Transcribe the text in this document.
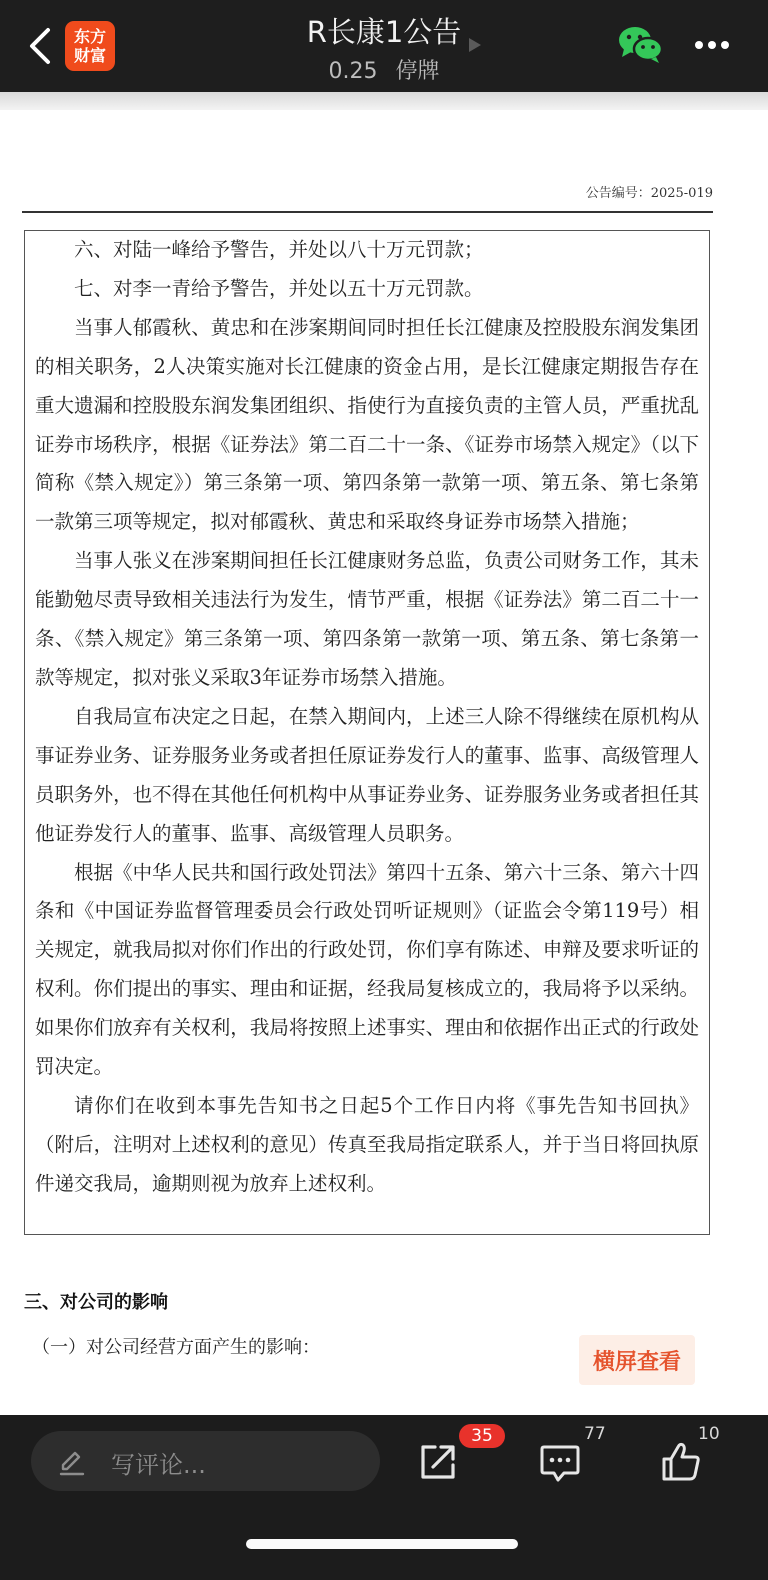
东方
财富
R长康1公告
0.25 停牌
公告编号：2025-019

六、对陆一峰给予警告，并处以八十万元罚款；

七、对李一青给予警告，并处以五十万元罚款。

当事人郁霞秋、黄忠和在涉案期间同时担任长江健康及控股股东润发集团的相关职务，2人决策实施对长江健康的资金占用，是长江健康定期报告存在重大遗漏和控股股东润发集团组织、指使行为直接负责的主管人员，严重扰乱证券市场秩序，根据《证券法》第二百二十一条、《证券市场禁入规定》（以下简称《禁入规定》）第三条第一项、第四条第一款第一项、第五条、第七条第一款第三项等规定，拟对郁霞秋、黄忠和采取终身证券市场禁入措施；

当事人张义在涉案期间担任长江健康财务总监，负责公司财务工作，其未能勤勉尽责导致相关违法行为发生，情节严重，根据《证券法》第二百二十一条、《禁入规定》第三条第一项、第四条第一款第一项、第五条、第七条第一款等规定，拟对张义采取3年证券市场禁入措施。

自我局宣布决定之日起，在禁入期间内，上述三人除不得继续在原机构从事证券业务、证券服务业务或者担任原证券发行人的董事、监事、高级管理人员职务外，也不得在其他任何机构中从事证券业务、证券服务业务或者担任其他证券发行人的董事、监事、高级管理人员职务。

根据《中华人民共和国行政处罚法》第四十五条、第六十三条、第六十四条和《中国证券监督管理委员会行政处罚听证规则》（证监会令第119号）相关规定，就我局拟对你们作出的行政处罚，你们享有陈述、申辩及要求听证的权利。你们提出的事实、理由和证据，经我局复核成立的，我局将予以采纳。如果你们放弃有关权利，我局将按照上述事实、理由和依据作出正式的行政处罚决定。

请你们在收到本事先告知书之日起5个工作日内将《事先告知书回执》（附后，注明对上述权利的意见）传真至我局指定联系人，并于当日将回执原件递交我局，逾期则视为放弃上述权利。

三、对公司的影响
（一）对公司经营方面产生的影响：
横屏查看
写评论...
35	77	10
